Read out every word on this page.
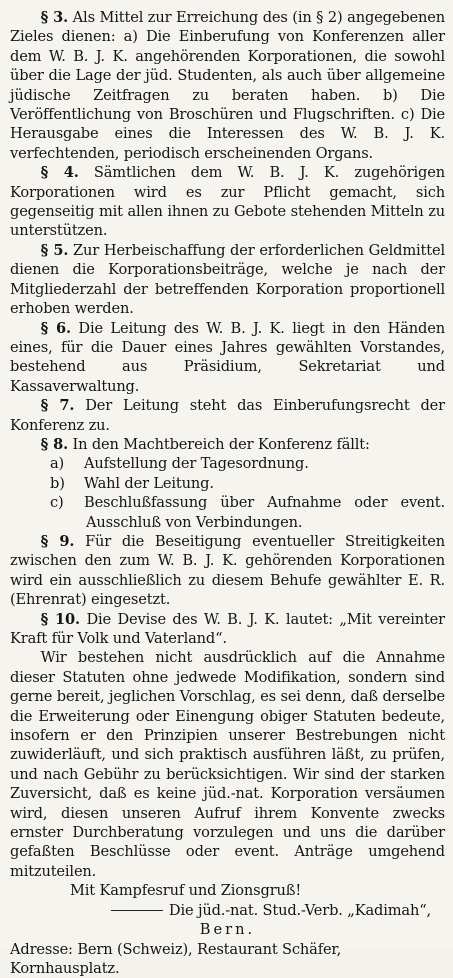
§ 3. Als Mittel zur Erreichung des (in § 2) angegebenen Zieles dienen: a) Die Einberufung von Konferenzen aller dem W. B. J. K. angehörenden Korporationen, die sowohl über die Lage der jüd. Studenten, als auch über allgemeine jüdische Zeitfragen zu beraten haben. b) Die Veröffentlichung von Broschüren und Flugschriften. c) Die Herausgabe eines die Interessen des W. B. J. K. verfechtenden, periodisch erscheinenden Organs.

§ 4. Sämtlichen dem W. B. J. K. zugehörigen Korporationen wird es zur Pflicht gemacht, sich gegenseitig mit allen ihnen zu Gebote stehenden Mitteln zu unterstützen.

§ 5. Zur Herbeischaffung der erforderlichen Geldmittel dienen die Korporationsbeiträge, welche je nach der Mitgliederzahl der betreffenden Korporation proportionell erhoben werden.

§ 6. Die Leitung des W. B. J. K. liegt in den Händen eines, für die Dauer eines Jahres gewählten Vorstandes, bestehend aus Präsidium, Sekretariat und Kassaverwaltung.

§ 7. Der Leitung steht das Einberufungsrecht der Konferenz zu.

§ 8. In den Machtbereich der Konferenz fällt:

a) Aufstellung der Tagesordnung.
b) Wahl der Leitung.
c) Beschlußfassung über Aufnahme oder event. Ausschluß von Verbindungen.

§ 9. Für die Beseitigung eventueller Streitigkeiten zwischen den zum W. B. J. K. gehörenden Korporationen wird ein ausschließlich zu diesem Behufe gewählter E. R. (Ehrenrat) eingesetzt.

§ 10. Die Devise des W. B. J. K. lautet: „Mit vereinter Kraft für Volk und Vaterland“.

Wir bestehen nicht ausdrücklich auf die Annahme dieser Statuten ohne jedwede Modifikation, sondern sind gerne bereit, jeglichen Vorschlag, es sei denn, daß derselbe die Erweiterung oder Einengung obiger Statuten bedeute, insofern er den Prinzipien unserer Bestrebungen nicht zuwiderläuft, und sich praktisch ausführen läßt, zu prüfen, und nach Gebühr zu berücksichtigen. Wir sind der starken Zuversicht, daß es keine jüd.-nat. Korporation versäumen wird, diesen unseren Aufruf ihrem Konvente zwecks ernster Durchberatung vorzulegen und uns die darüber gefaßten Beschlüsse oder event. Anträge umgehend mitzuteilen.

Mit Kampfesruf und Zionsgruß!

Die jüd.-nat. Stud.-Verb. „Kadimah“,

Bern.

Adresse: Bern (Schweiz), Restaurant Schäfer, Kornhausplatz.
